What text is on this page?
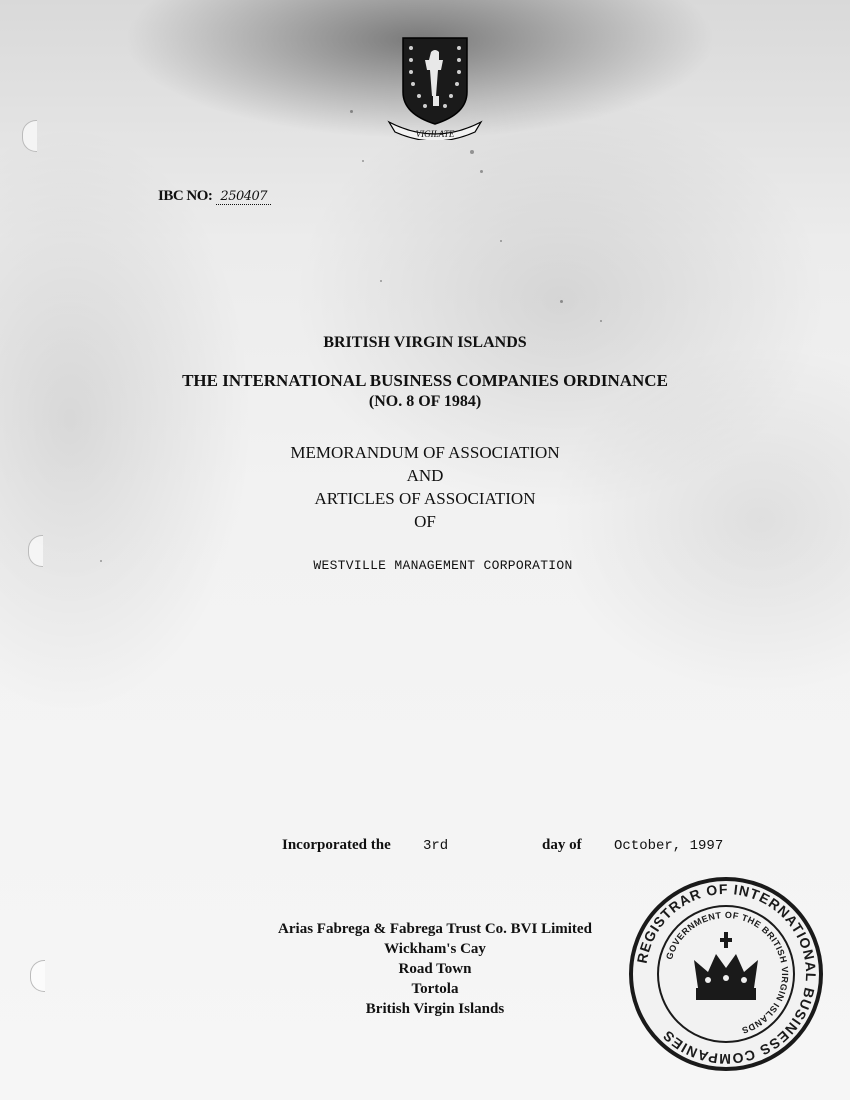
VIGILATE
IBC NO: 250407
BRITISH VIRGIN ISLANDS
THE INTERNATIONAL BUSINESS COMPANIES ORDINANCE
(NO. 8 OF 1984)
MEMORANDUM OF ASSOCIATION
AND
ARTICLES OF ASSOCIATION
OF
WESTVILLE MANAGEMENT CORPORATION
Incorporated the 3rd	day of October, 1997
Arias Fabrega & Fabrega Trust Co. BVI Limited
Wickham's Cay
Road Town
Tortola
British Virgin Islands
REGISTRAR OF INTERNATIONAL BUSINESS COMPANIES
GOVERNMENT OF THE BRITISH VIRGIN ISLANDS
